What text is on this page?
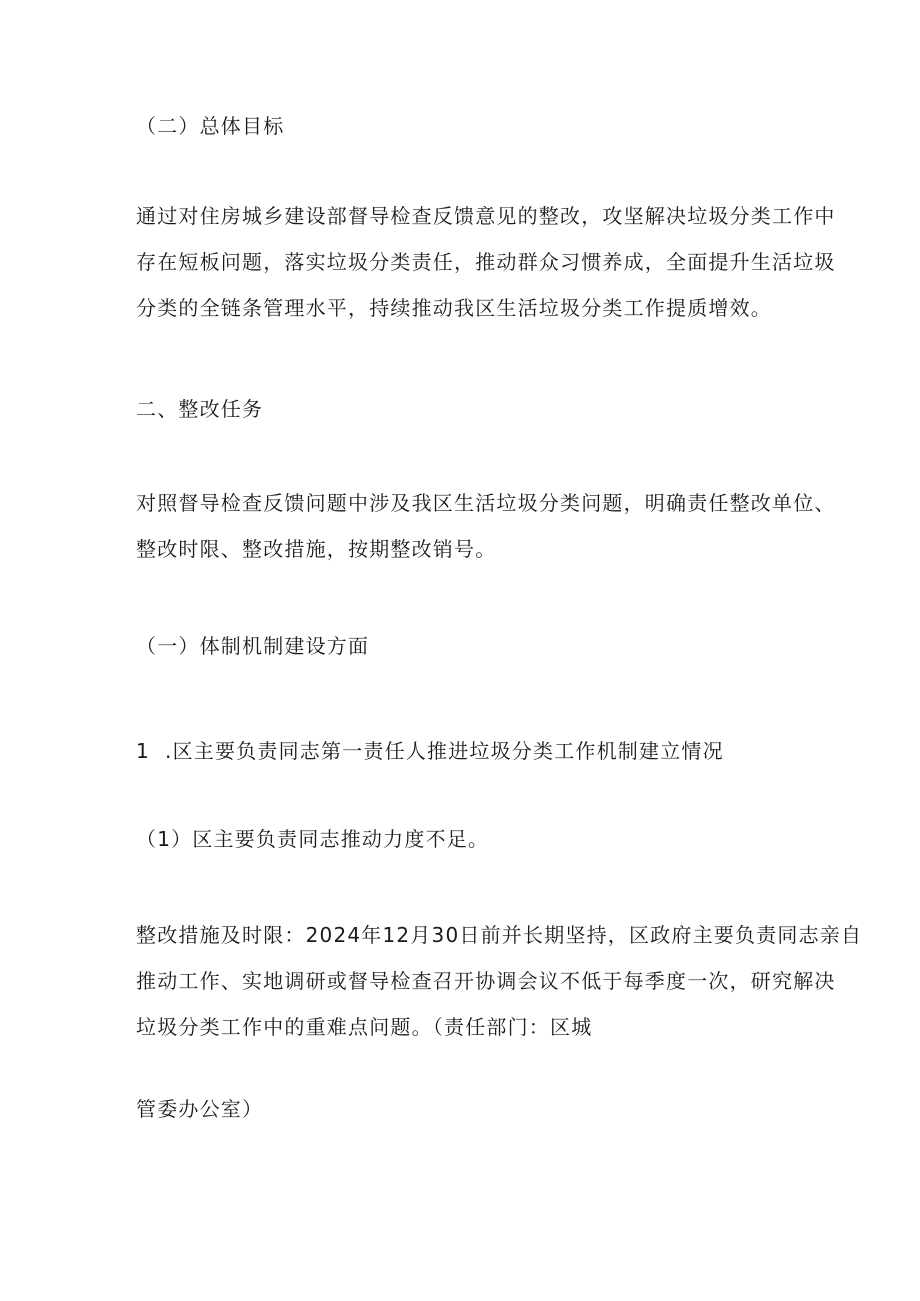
（二）总体目标
通过对住房城乡建设部督导检查反馈意见的整改，攻坚解决垃圾分类工作中
存在短板问题，落实垃圾分类责任，推动群众习惯养成，全面提升生活垃圾
分类的全链条管理水平，持续推动我区生活垃圾分类工作提质增效。
二、整改任务
对照督导检查反馈问题中涉及我区生活垃圾分类问题，明确责任整改单位、
整改时限、整改措施，按期整改销号。
（一）体制机制建设方面
1  .区主要负责同志第一责任人推进垃圾分类工作机制建立情况
（1）区主要负责同志推动力度不足。
整改措施及时限：2024年12月30日前并长期坚持，区政府主要负责同志亲自
推动工作、实地调研或督导检查召开协调会议不低于每季度一次，研究解决
垃圾分类工作中的重难点问题。（责任部门：区城
管委办公室）
